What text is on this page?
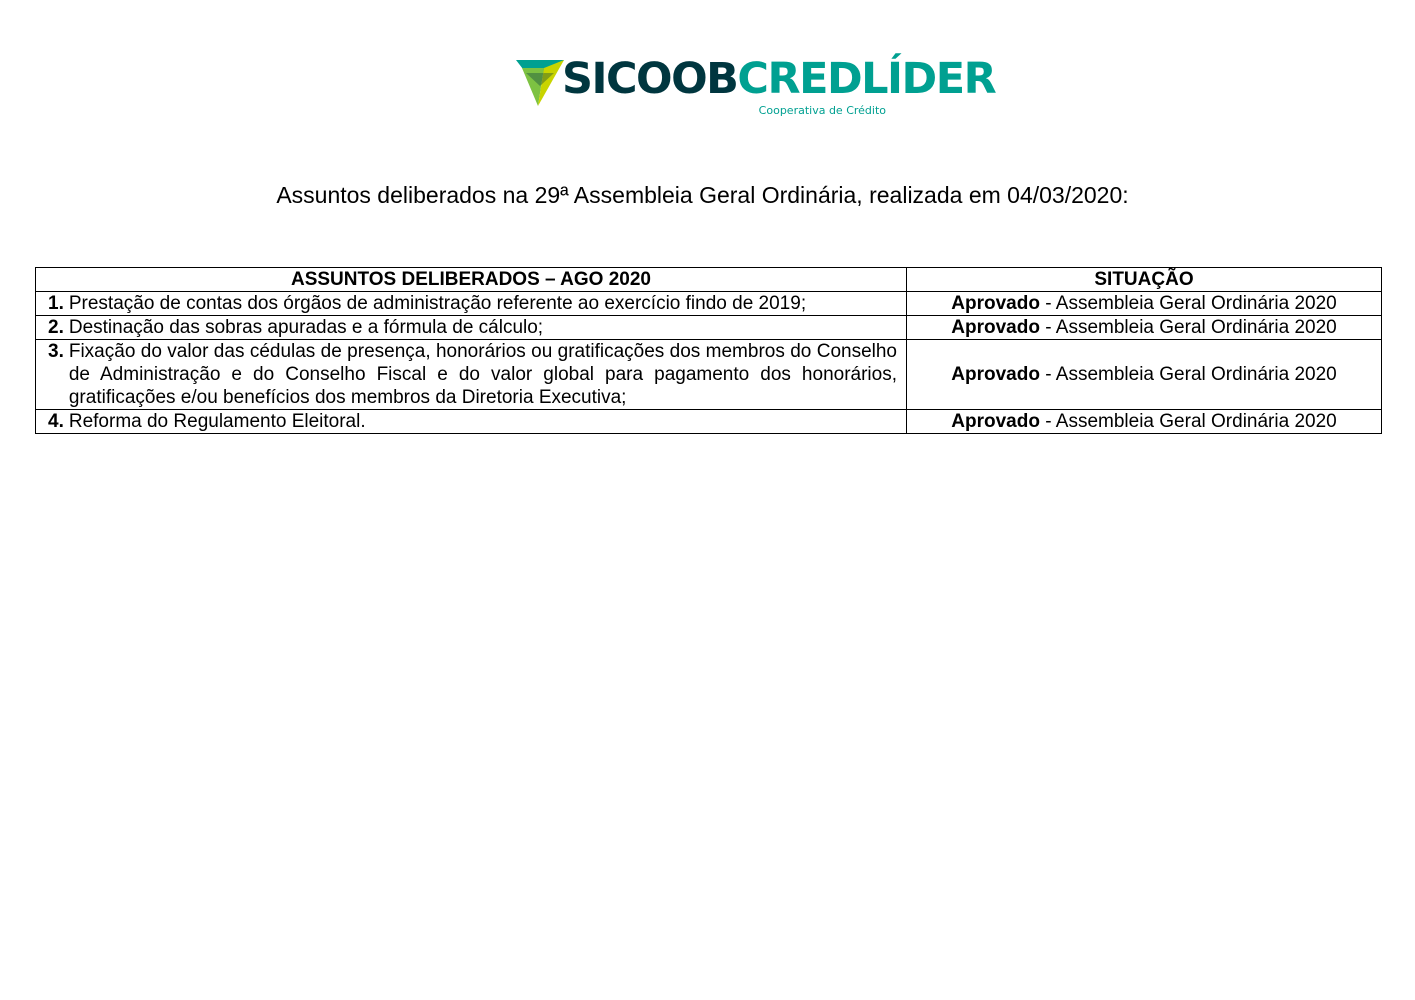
SICOOBCREDLÍDER
Cooperativa de Crédito
Assuntos deliberados na 29ª Assembleia Geral Ordinária, realizada em 04/03/2020:
ASSUNTOS DELIBERADOS – AGO 2020	SITUAÇÃO

1. Prestação de contas dos órgãos de administração referente ao exercício findo de 2019;	Aprovado - Assembleia Geral Ordinária 2020

2. Destinação das sobras apuradas e a fórmula de cálculo;	Aprovado - Assembleia Geral Ordinária 2020

3. Fixação do valor das cédulas de presença, honorários ou gratificações dos membros do Conselho de Administração e do Conselho Fiscal e do valor global para pagamento dos honorários, gratificações e/ou benefícios dos membros da Diretoria Executiva;	Aprovado - Assembleia Geral Ordinária 2020

4. Reforma do Regulamento Eleitoral.	Aprovado - Assembleia Geral Ordinária 2020
